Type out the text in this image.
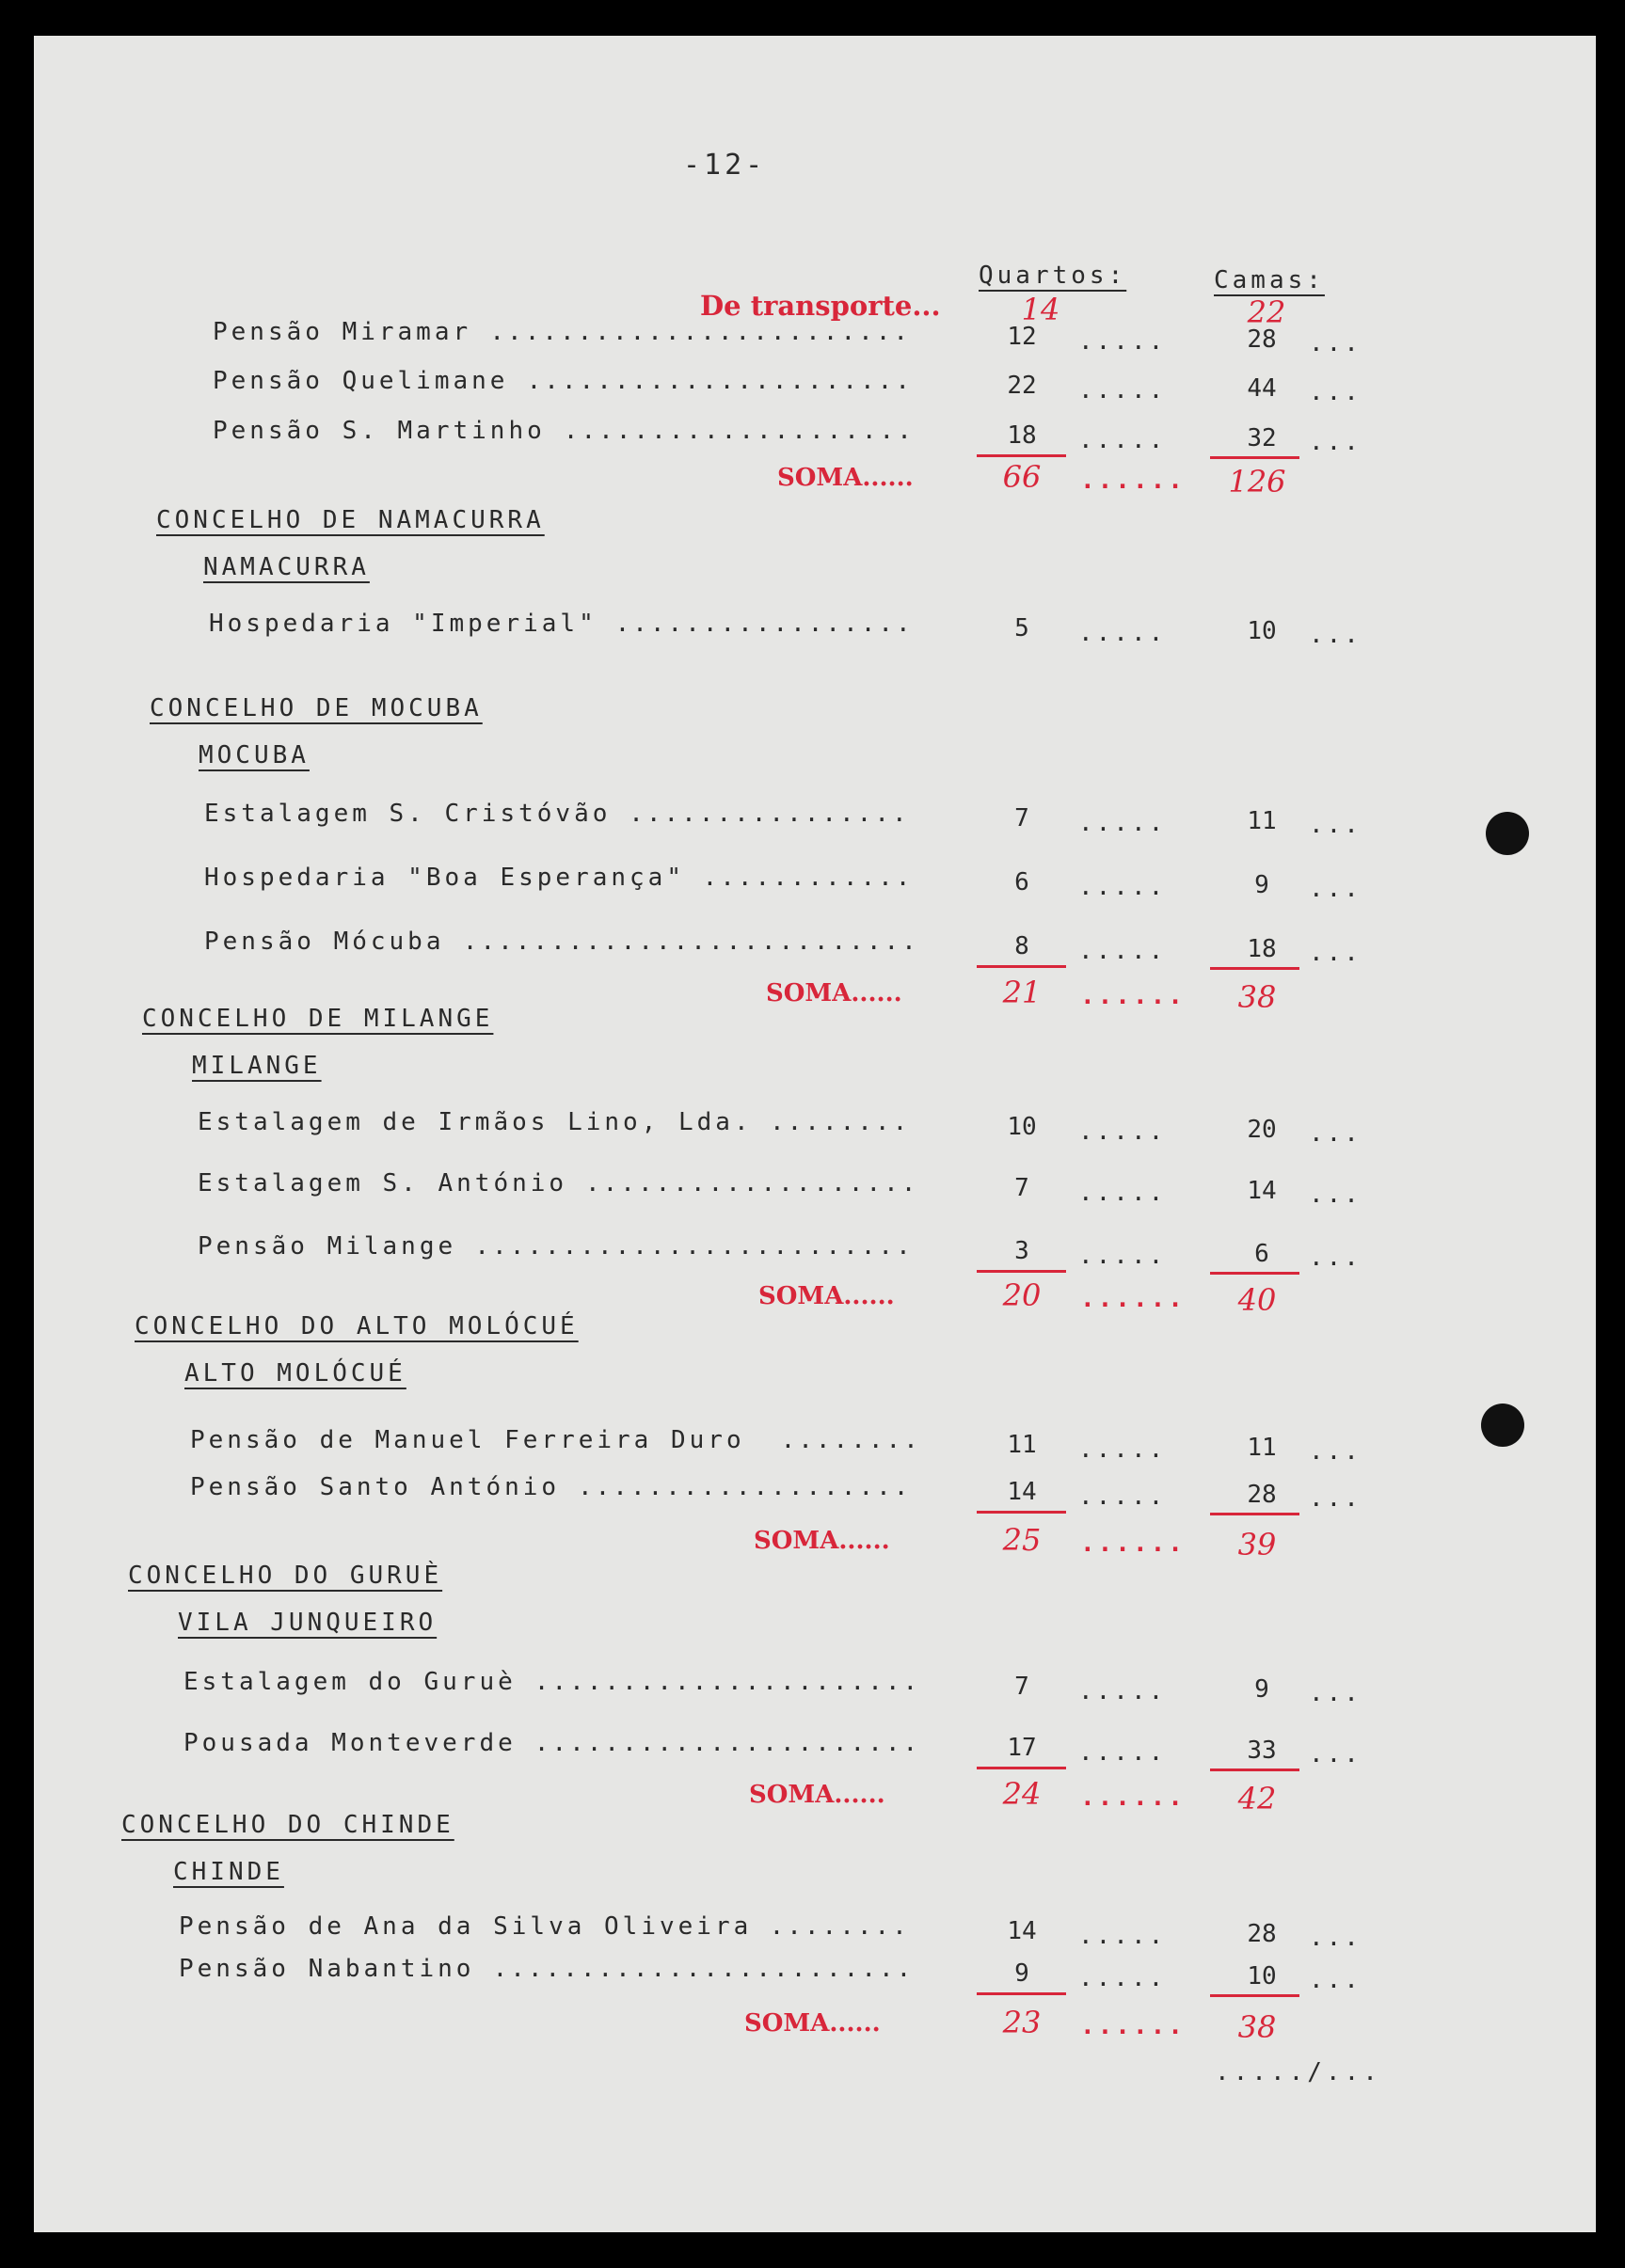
-12-
Quartos:	Camas:
De transporte...	14	22
...../...
Pensão Miramar ........................	12	.....	28	...
Pensão Quelimane ......................	22	.....	44	...
Pensão S. Martinho ....................	18	.....	32	...
SOMA......	66	......	126
CONCELHO DE NAMACURRA
NAMACURRA
Hospedaria "Imperial" .................	5	.....	10	...
CONCELHO DE MOCUBA
MOCUBA
Estalagem S. Cristóvão ................	7	.....	11	...
Hospedaria "Boa Esperança" ............	6	.....	9	...
Pensão Mócuba ..........................	8	.....	18	...
SOMA......	21	......	38
CONCELHO DE MILANGE
MILANGE
Estalagem de Irmãos Lino, Lda. ........	10	.....	20	...
Estalagem S. António ...................	7	.....	14	...
Pensão Milange .........................	3	.....	6	...
SOMA......	20	......	40
CONCELHO DO ALTO MOLÓCUÉ
ALTO MOLÓCUÉ
Pensão de Manuel Ferreira Duro ........	11	.....	11	...
Pensão Santo António ...................	14	.....	28	...
SOMA......	25	......	39
CONCELHO DO GURUÈ
VILA JUNQUEIRO
Estalagem do Guruè ......................	7	.....	9	...
Pousada Monteverde ......................	17	.....	33	...
SOMA......	24	......	42
CONCELHO DO CHINDE
CHINDE
Pensão de Ana da Silva Oliveira ........	14	.....	28	...
Pensão Nabantino ........................	9	.....	10	...
SOMA......	23	......	38
